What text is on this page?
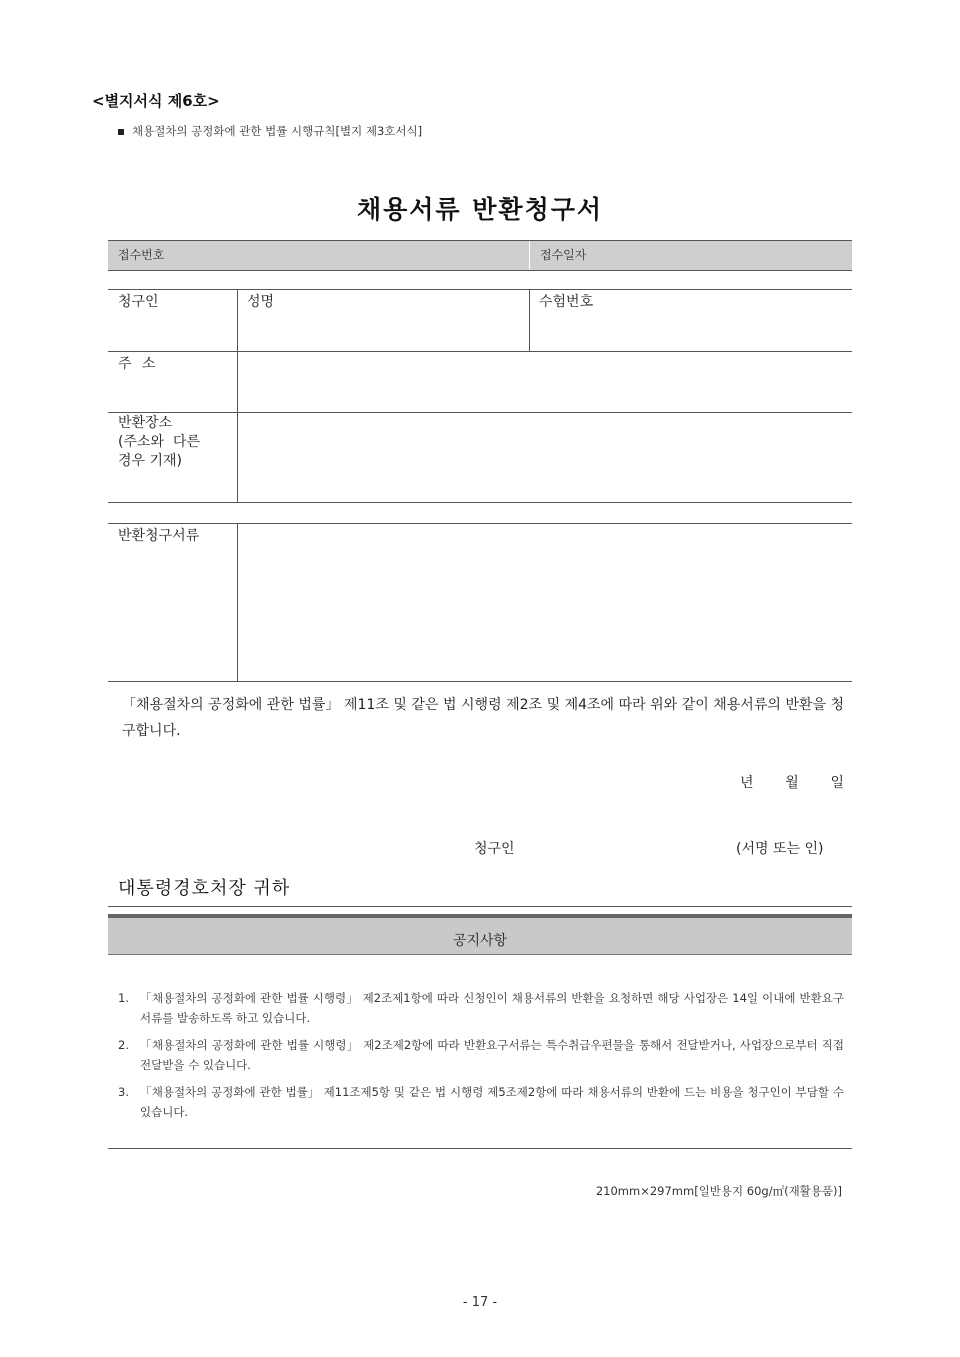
<별지서식 제6호>
채용절차의 공정화에 관한 법률 시행규칙[별지 제3호서식]
채용서류 반환청구서
접수번호	접수일자
청구인	성명	수험번호
주 소
반환장소
(주소와  다른
경우 기재)
반환청구서류
「채용절차의 공정화에 관한 법률」 제11조 및 같은 법 시행령 제2조 및 제4조에 따라 위와 같이 채용서류의 반환을 청구합니다.
년 월 일
청구인	(서명 또는 인)
대통령경호처장 귀하
공지사항
1. 「채용절차의 공정화에 관한 법률 시행령」 제2조제1항에 따라 신청인이 채용서류의 반환을 요청하면 해당 사업장은 14일 이내에 반환요구서류를 발송하도록 하고 있습니다.
2. 「채용절차의 공정화에 관한 법률 시행령」 제2조제2항에 따라 반환요구서류는 특수취급우편물을 통해서 전달받거나, 사업장으로부터 직접 전달받을 수 있습니다.
3. 「채용절차의 공정화에 관한 법률」 제11조제5항 및 같은 법 시행령 제5조제2항에 따라 채용서류의 반환에 드는 비용을 청구인이 부담할 수 있습니다.
210mm×297mm[일반용지 60g/㎡(재활용품)]
- 17 -
